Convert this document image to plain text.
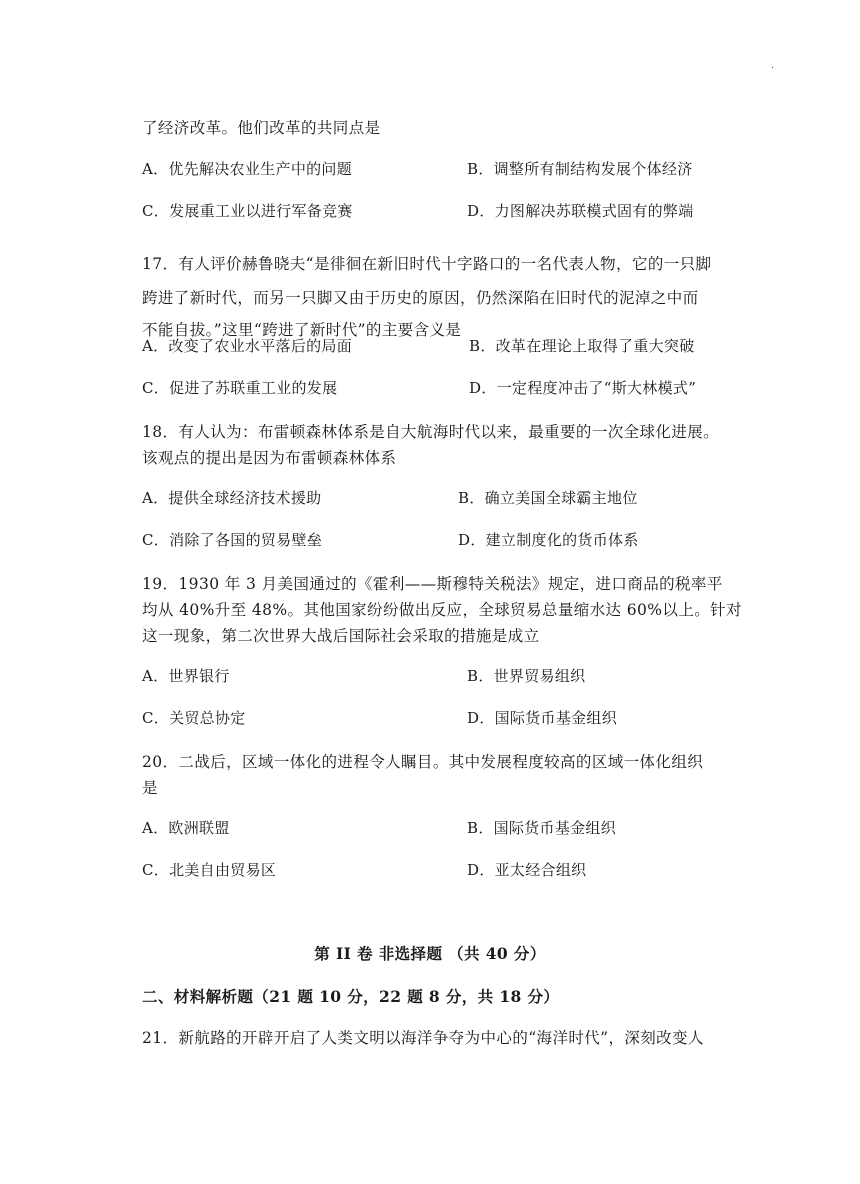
.
了经济改革。他们改革的共同点是
A．优先解决农业生产中的问题	B．调整所有制结构发展个体经济
C．发展重工业以进行军备竞赛	D．力图解决苏联模式固有的弊端
17．有人评价赫鲁晓夫“是徘徊在新旧时代十字路口的一名代表人物，它的一只脚
跨进了新时代，而另一只脚又由于历史的原因，仍然深陷在旧时代的泥淖之中而
不能自拔。”这里“跨进了新时代”的主要含义是
A．改变了农业水平落后的局面	B．改革在理论上取得了重大突破
C．促进了苏联重工业的发展	D．一定程度冲击了“斯大林模式”
18．有人认为：布雷顿森林体系是自大航海时代以来，最重要的一次全球化进展。
该观点的提出是因为布雷顿森林体系
A．提供全球经济技术援助	B．确立美国全球霸主地位
C．消除了各国的贸易壁垒	D．建立制度化的货币体系
19．1930 年 3 月美国通过的《霍利——斯穆特关税法》规定，进口商品的税率平
均从 40%升至 48%。其他国家纷纷做出反应，全球贸易总量缩水达 60%以上。针对
这一现象，第二次世界大战后国际社会采取的措施是成立
A．世界银行	B．世界贸易组织
C．关贸总协定	D．国际货币基金组织
20．二战后，区域一体化的进程令人瞩目。其中发展程度较高的区域一体化组织
是
A．欧洲联盟	B．国际货币基金组织
C．北美自由贸易区	D．亚太经合组织
第 II 卷 非选择题 （共 40 分）
二、材料解析题（21 题 10 分，22 题 8 分，共 18 分）
21．新航路的开辟开启了人类文明以海洋争夺为中心的“海洋时代”，深刻改变人
